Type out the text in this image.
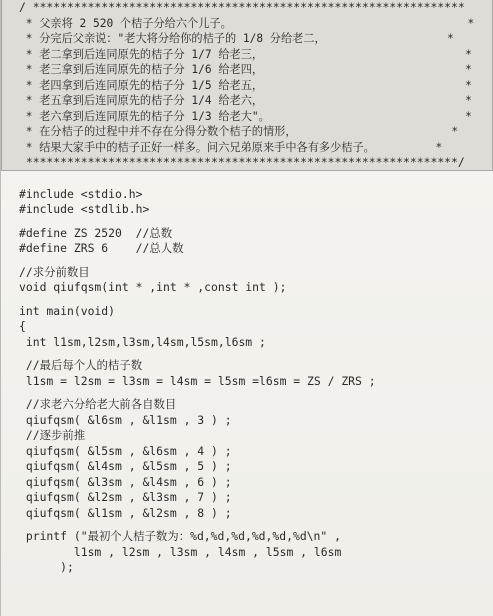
/ ***************************************************************
* 父亲将 2 520 个桔子分给六个儿子。                                   *
* 分完后父亲说："老大将分给你的桔子的 1/8 分给老二，                  *
* 老二拿到后连同原先的桔子分 1/7 给老三，                              *
* 老三拿到后连同原先的桔子分 1/6 给老四，                              *
* 老四拿到后连同原先的桔子分 1/5 给老五，                              *
* 老五拿到后连同原先的桔子分 1/4 给老六，                              *
* 老六拿到后连同原先的桔子分 1/3 给老大"。                             *
* 在分桔子的过程中并不存在分得分数个桔子的情形，                       *
* 结果大家手中的桔子正好一样多。问六兄弟原来手中各有多少桔子。         *
***************************************************************/
#include <stdio.h>
#include <stdlib.h>
#define ZS 2520  //总数
#define ZRS 6    //总人数
//求分前数目
void qiufqsm(int * ,int * ,const int );
int main(void)
{
int l1sm,l2sm,l3sm,l4sm,l5sm,l6sm ;
//最后每个人的桔子数
l1sm = l2sm = l3sm = l4sm = l5sm =l6sm = ZS / ZRS ;
//求老六分给老大前各自数目
qiufqsm( &l6sm , &l1sm , 3 ) ;
//逐步前推
qiufqsm( &l5sm , &l6sm , 4 ) ;
qiufqsm( &l4sm , &l5sm , 5 ) ;
qiufqsm( &l3sm , &l4sm , 6 ) ;
qiufqsm( &l2sm , &l3sm , 7 ) ;
qiufqsm( &l1sm , &l2sm , 8 ) ;
printf ("最初个人桔子数为：%d,%d,%d,%d,%d,%d\n" ,
l1sm , l2sm , l3sm , l4sm , l5sm , l6sm
);
